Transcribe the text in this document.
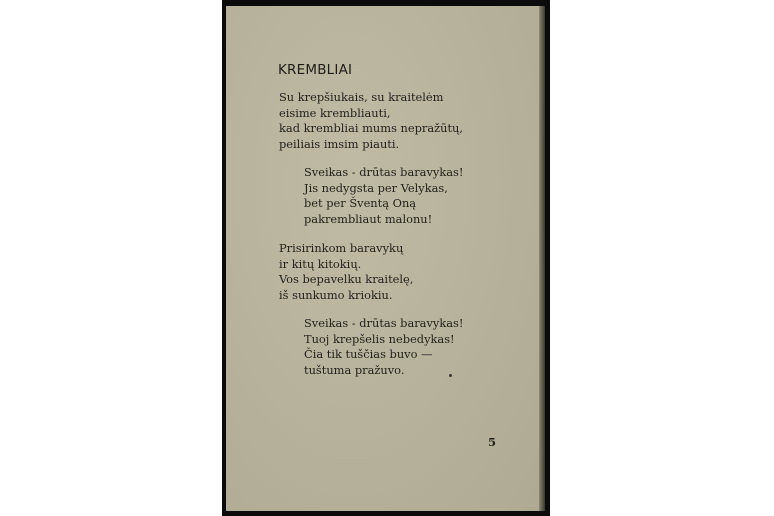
KREMBLIAI
Su krepšiukais, su kraitelėm
eisime krembliauti,
kad krembliai mums nepražūtų,
peiliais imsim piauti.
Sveikas - drūtas baravykas!
Jis nedygsta per Velykas,
bet per Šventą Oną
pakrembliaut malonu!
Prisirinkom baravykų
ir kitų kitokių.
Vos bepavelku kraitelę,
iš sunkumo kriokiu.
Sveikas - drūtas baravykas!
Tuoj krepšelis nebedykas!
Čia tik tuščias buvo —
tuštuma pražuvo.
5
